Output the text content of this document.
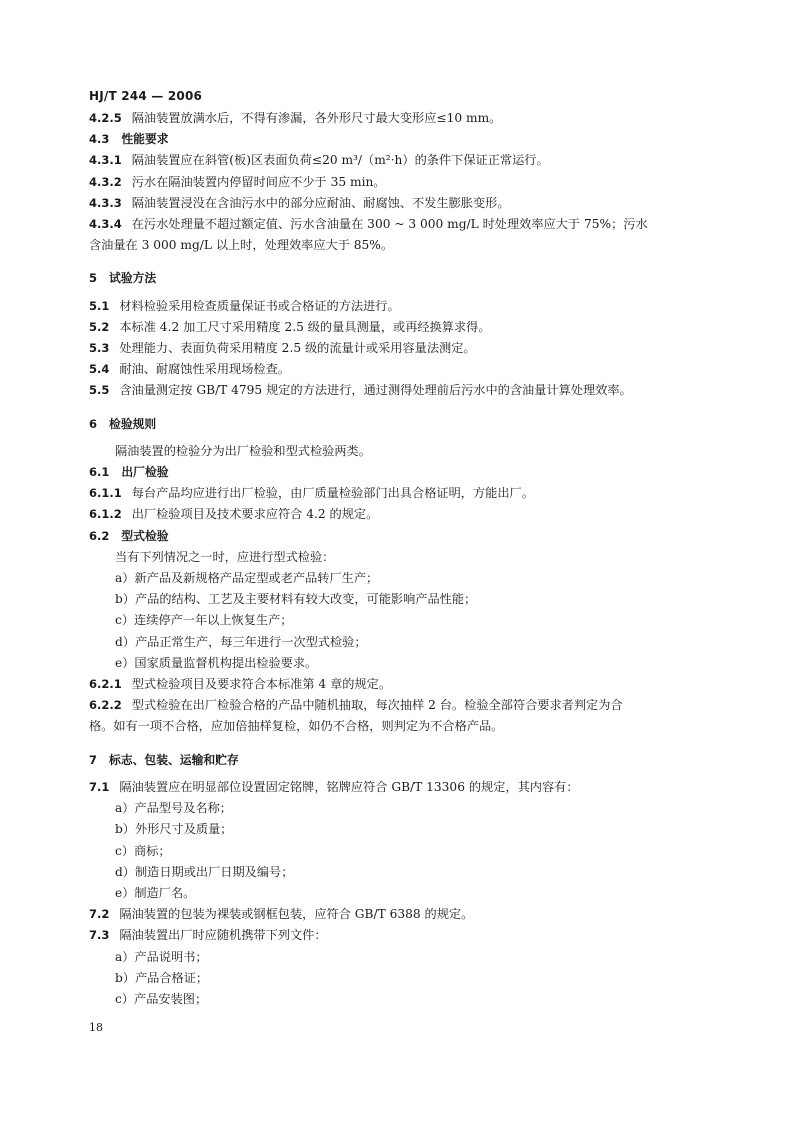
HJ/T 244 — 2006
4.2.5 隔油装置放满水后，不得有渗漏，各外形尺寸最大变形应≤10 mm。
4.3 性能要求
4.3.1 隔油装置应在斜管(板)区表面负荷≤20 m³/（m²·h）的条件下保证正常运行。
4.3.2 污水在隔油装置内停留时间应不少于 35 min。
4.3.3 隔油装置浸没在含油污水中的部分应耐油、耐腐蚀、不发生膨胀变形。
4.3.4 在污水处理量不超过额定值、污水含油量在 300 ~ 3 000 mg/L 时处理效率应大于 75%；污水
含油量在 3 000 mg/L 以上时，处理效率应大于 85%。
5 试验方法
5.1 材料检验采用检查质量保证书或合格证的方法进行。
5.2 本标准 4.2 加工尺寸采用精度 2.5 级的量具测量，或再经换算求得。
5.3 处理能力、表面负荷采用精度 2.5 级的流量计或采用容量法测定。
5.4 耐油、耐腐蚀性采用现场检查。
5.5 含油量测定按 GB/T 4795 规定的方法进行，通过测得处理前后污水中的含油量计算处理效率。
6 检验规则
隔油装置的检验分为出厂检验和型式检验两类。
6.1 出厂检验
6.1.1 每台产品均应进行出厂检验，由厂质量检验部门出具合格证明，方能出厂。
6.1.2 出厂检验项目及技术要求应符合 4.2 的规定。
6.2 型式检验
当有下列情况之一时，应进行型式检验：
a）新产品及新规格产品定型或老产品转厂生产；
b）产品的结构、工艺及主要材料有较大改变，可能影响产品性能；
c）连续停产一年以上恢复生产；
d）产品正常生产，每三年进行一次型式检验；
e）国家质量监督机构提出检验要求。
6.2.1 型式检验项目及要求符合本标准第 4 章的规定。
6.2.2 型式检验在出厂检验合格的产品中随机抽取，每次抽样 2 台。检验全部符合要求者判定为合
格。如有一项不合格，应加倍抽样复检，如仍不合格，则判定为不合格产品。
7 标志、包装、运输和贮存
7.1 隔油装置应在明显部位设置固定铭牌，铭牌应符合 GB/T 13306 的规定，其内容有：
a）产品型号及名称；
b）外形尺寸及质量；
c）商标；
d）制造日期或出厂日期及编号；
e）制造厂名。
7.2 隔油装置的包装为裸装或钢框包装，应符合 GB/T 6388 的规定。
7.3 隔油装置出厂时应随机携带下列文件：
a）产品说明书；
b）产品合格证；
c）产品安装图；
18
